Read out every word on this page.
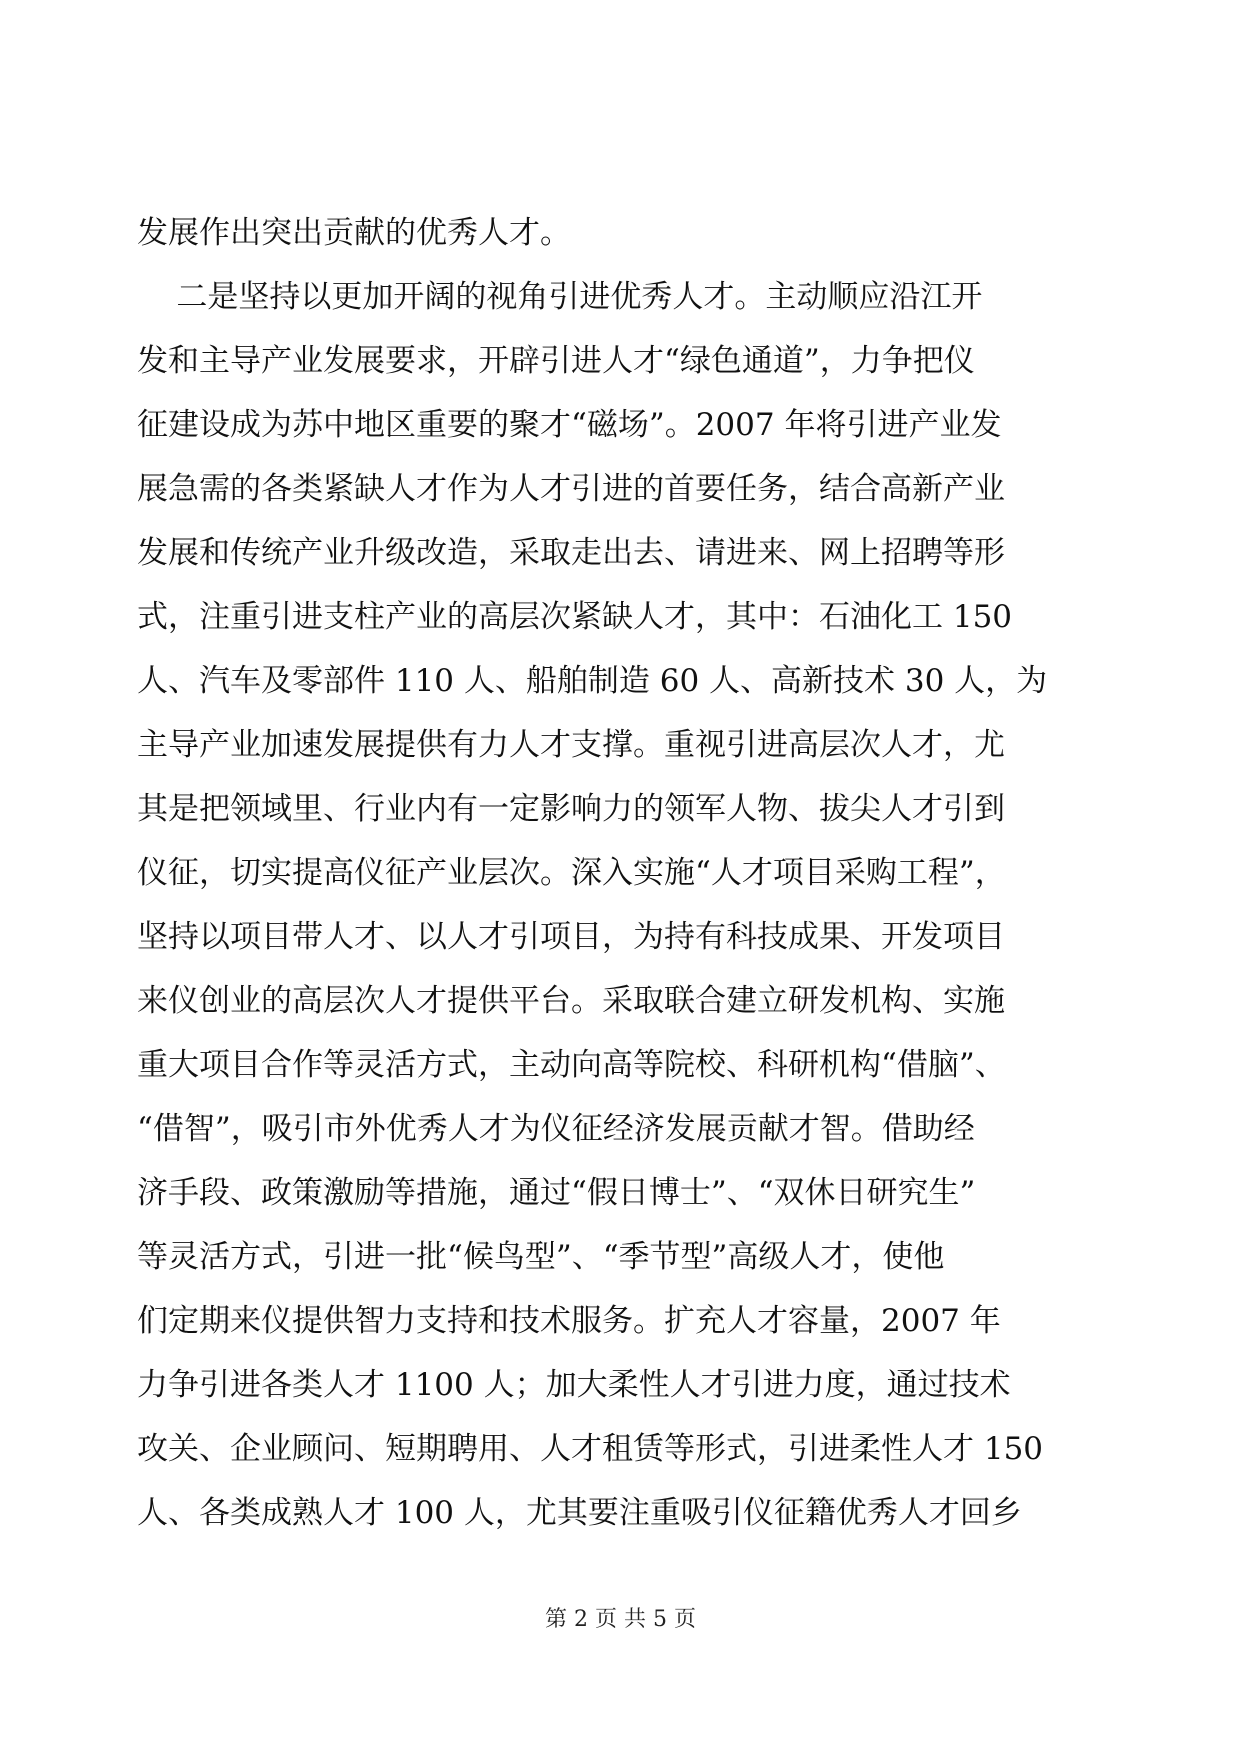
发展作出突出贡献的优秀人才。
二是坚持以更加开阔的视角引进优秀人才。主动顺应沿江开
发和主导产业发展要求，开辟引进人才“绿色通道”，力争把仪
征建设成为苏中地区重要的聚才“磁场”。2007 年将引进产业发
展急需的各类紧缺人才作为人才引进的首要任务，结合高新产业
发展和传统产业升级改造，采取走出去、请进来、网上招聘等形
式，注重引进支柱产业的高层次紧缺人才，其中：石油化工 150
人、汽车及零部件 110 人、船舶制造 60 人、高新技术 30 人，为
主导产业加速发展提供有力人才支撑。重视引进高层次人才，尤
其是把领域里、行业内有一定影响力的领军人物、拔尖人才引到
仪征，切实提高仪征产业层次。深入实施“人才项目采购工程”，
坚持以项目带人才、以人才引项目，为持有科技成果、开发项目
来仪创业的高层次人才提供平台。采取联合建立研发机构、实施
重大项目合作等灵活方式，主动向高等院校、科研机构“借脑”、
“借智”，吸引市外优秀人才为仪征经济发展贡献才智。借助经
济手段、政策激励等措施，通过“假日博士”、“双休日研究生”
等灵活方式，引进一批“候鸟型”、“季节型”高级人才，使他
们定期来仪提供智力支持和技术服务。扩充人才容量，2007 年
力争引进各类人才 1100 人；加大柔性人才引进力度，通过技术
攻关、企业顾问、短期聘用、人才租赁等形式，引进柔性人才 150
人、各类成熟人才 100 人，尤其要注重吸引仪征籍优秀人才回乡
第 2 页 共 5 页
